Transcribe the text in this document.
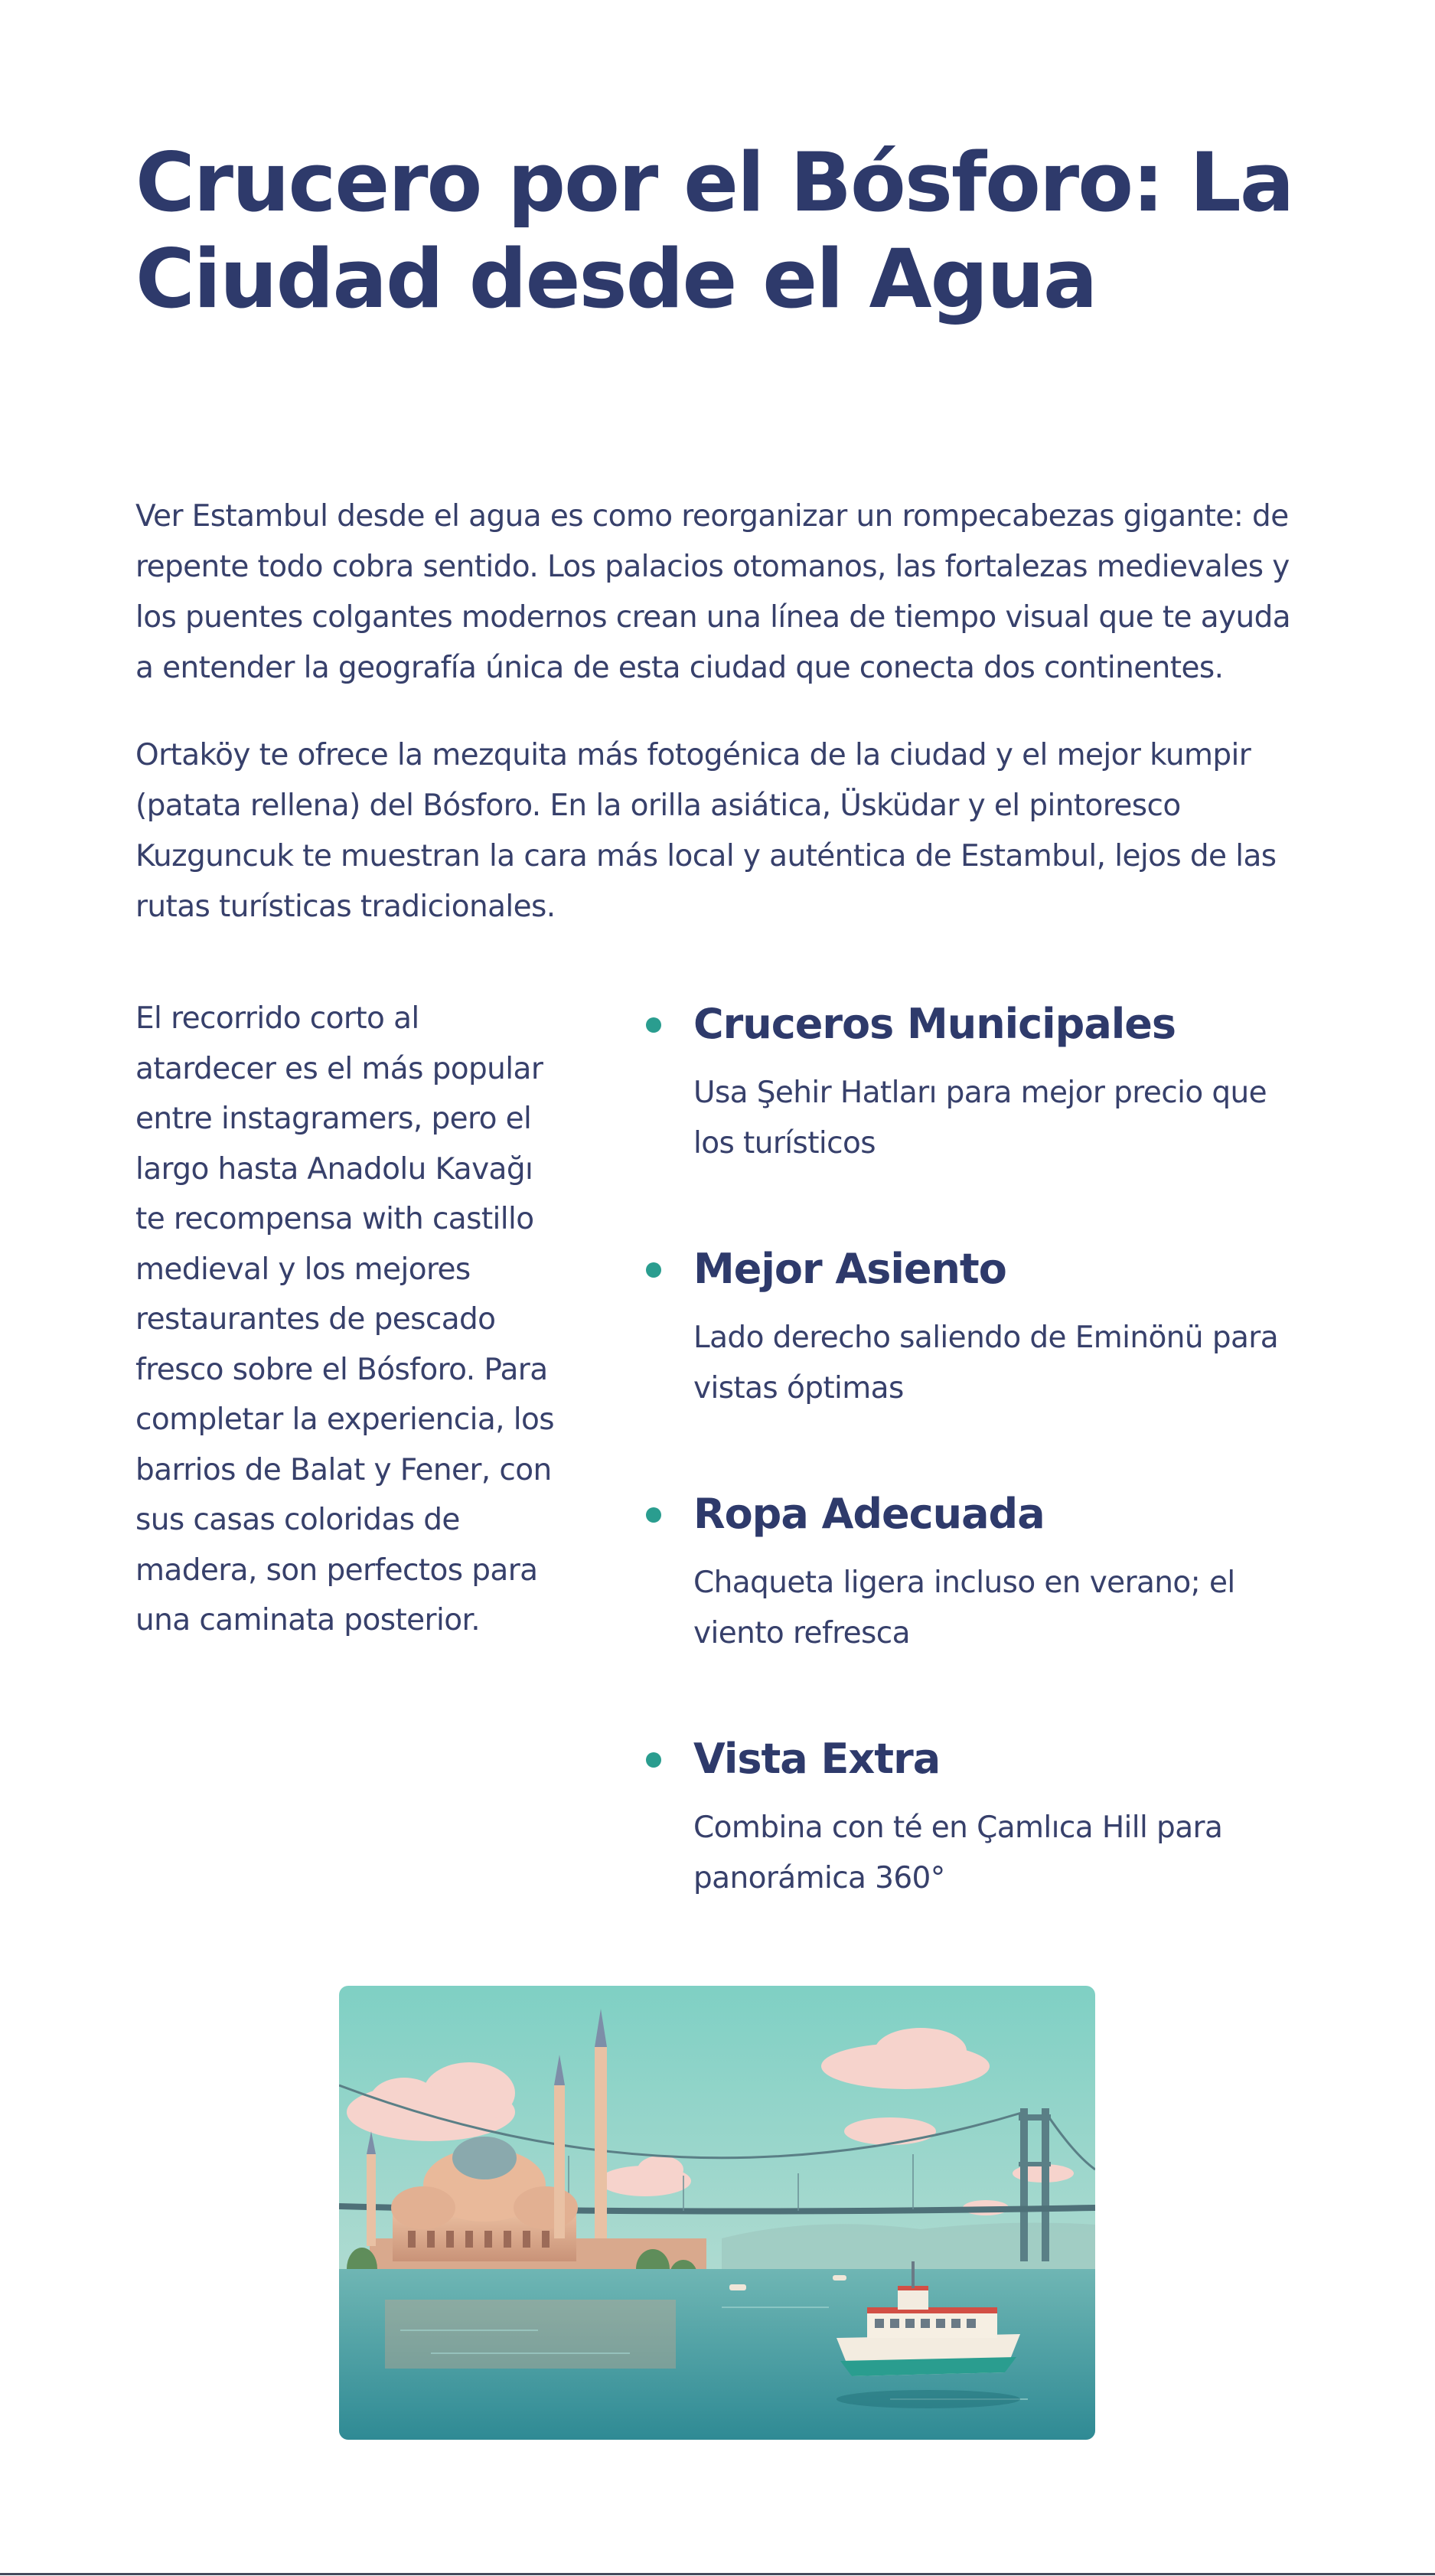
Crucero por el Bósforo: La Ciudad desde el Agua

Ver Estambul desde el agua es como reorganizar un rompecabezas gigante: de repente todo cobra sentido. Los palacios otomanos, las fortalezas medievales y los puentes colgantes modernos crean una línea de tiempo visual que te ayuda a entender la geografía única de esta ciudad que conecta dos continentes.

Ortaköy te ofrece la mezquita más fotogénica de la ciudad y el mejor kumpir (patata rellena) del Bósforo. En la orilla asiática, Üsküdar y el pintoresco Kuzguncuk te muestran la cara más local y auténtica de Estambul, lejos de las rutas turísticas tradicionales.

El recorrido corto al atardecer es el más popular entre instagramers, pero el largo hasta Anadolu Kavağı te recompensa with castillo medieval y los mejores restaurantes de pescado fresco sobre el Bósforo. Para completar la experiencia, los barrios de Balat y Fener, con sus casas coloridas de madera, son perfectos para una caminata posterior.

Cruceros Municipales

Usa Şehir Hatları para mejor precio que los turísticos

Mejor Asiento

Lado derecho saliendo de Eminönü para vistas óptimas

Ropa Adecuada

Chaqueta ligera incluso en verano; el viento refresca

Vista Extra

Combina con té en Çamlıca Hill para panorámica 360°
